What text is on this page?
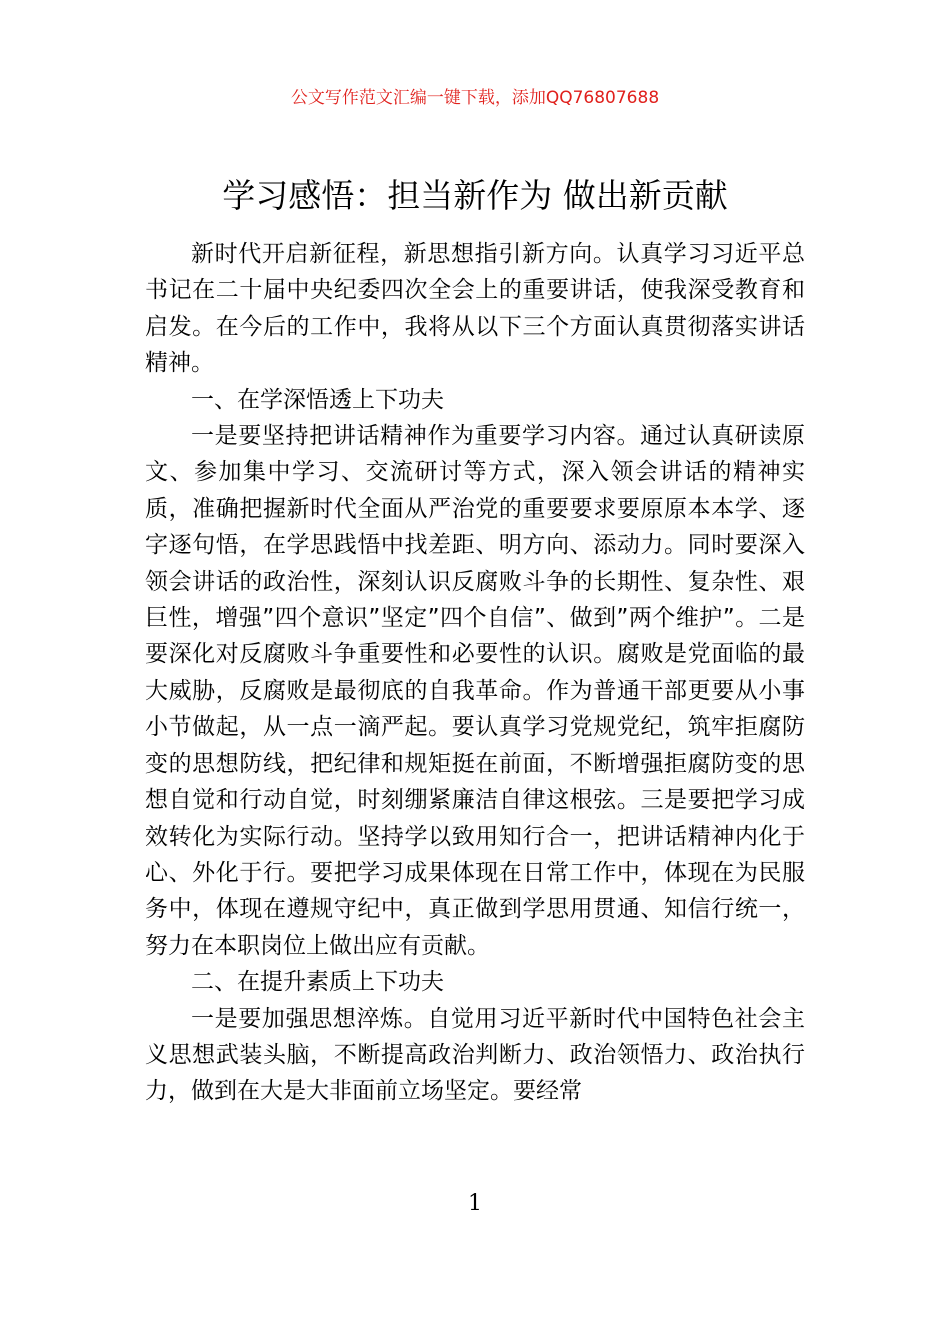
公文写作范文汇编一键下载，添加QQ76807688
学习感悟：担当新作为 做出新贡献

新时代开启新征程，新思想指引新方向。认真学习习近平总书记在二十届中央纪委四次全会上的重要讲话，使我深受教育和启发。在今后的工作中，我将从以下三个方面认真贯彻落实讲话精神。

一、在学深悟透上下功夫

一是要坚持把讲话精神作为重要学习内容。通过认真研读原文、参加集中学习、交流研讨等方式，深入领会讲话的精神实质，准确把握新时代全面从严治党的重要要求要原原本本学、逐字逐句悟，在学思践悟中找差距、明方向、添动力。同时要深入领会讲话的政治性，深刻认识反腐败斗争的长期性、复杂性、艰巨性，增强”四个意识”坚定”四个自信”、做到”两个维护”。二是要深化对反腐败斗争重要性和必要性的认识。腐败是党面临的最大威胁，反腐败是最彻底的自我革命。作为普通干部更要从小事小节做起，从一点一滴严起。要认真学习党规党纪，筑牢拒腐防变的思想防线，把纪律和规矩挺在前面，不断增强拒腐防变的思想自觉和行动自觉，时刻绷紧廉洁自律这根弦。三是要把学习成效转化为实际行动。坚持学以致用知行合一，把讲话精神内化于心、外化于行。要把学习成果体现在日常工作中，体现在为民服务中，体现在遵规守纪中，真正做到学思用贯通、知信行统一，努力在本职岗位上做出应有贡献。

二、在提升素质上下功夫

一是要加强思想淬炼。自觉用习近平新时代中国特色社会主义思想武装头脑，不断提高政治判断力、政治领悟力、政治执行力，做到在大是大非面前立场坚定。要经常

1
